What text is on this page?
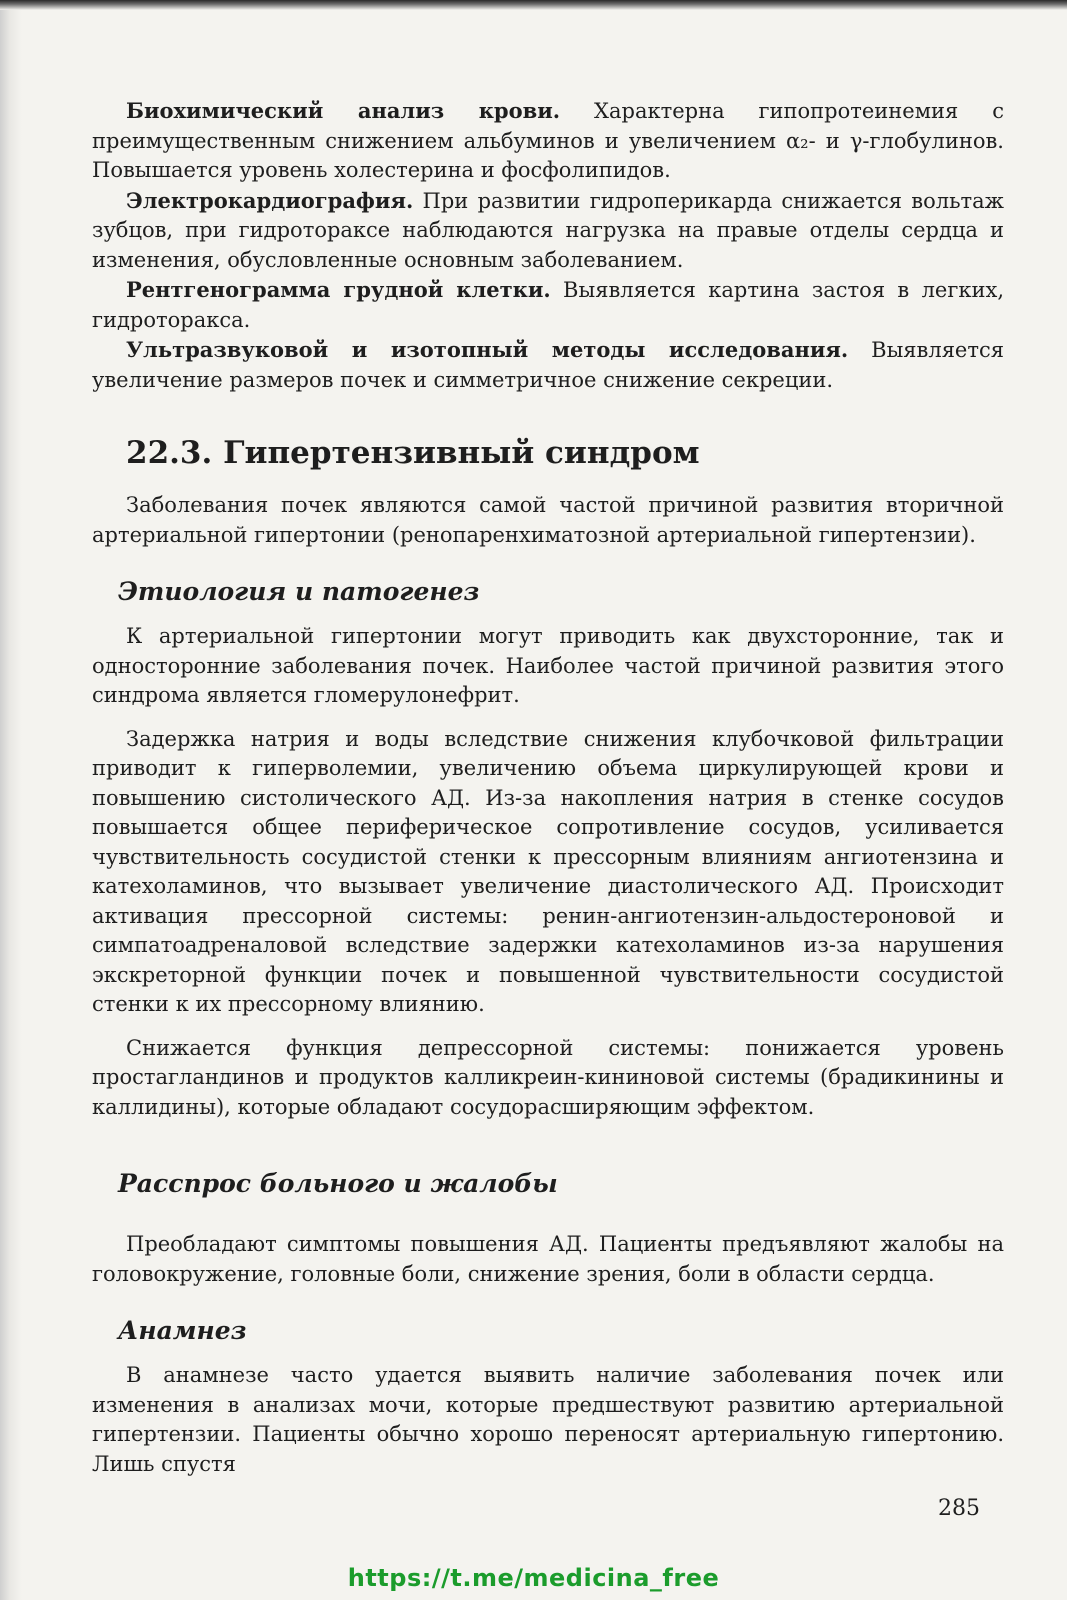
Биохимический анализ крови. Характерна гипопротеинемия с преимущественным снижением альбуминов и увеличением α₂- и γ-глобулинов. Повышается уровень холестерина и фосфолипидов.

Электрокардиография. При развитии гидроперикарда снижается вольтаж зубцов, при гидротораксе наблюдаются нагрузка на правые отделы сердца и изменения, обусловленные основным заболеванием.

Рентгенограмма грудной клетки. Выявляется картина застоя в легких, гидроторакса.

Ультразвуковой и изотопный методы исследования. Выявляется увеличение размеров почек и симметричное снижение секреции.

22.3. Гипертензивный синдром

Заболевания почек являются самой частой причиной развития вторичной артериальной гипертонии (ренопаренхиматозной артериальной гипертензии).

Этиология и патогенез

К артериальной гипертонии могут приводить как двухсторонние, так и односторонние заболевания почек. Наиболее частой причиной развития этого синдрома является гломерулонефрит.

Задержка натрия и воды вследствие снижения клубочковой фильтрации приводит к гиперволемии, увеличению объема циркулирующей крови и повышению систолического АД. Из-за накопления натрия в стенке сосудов повышается общее периферическое сопротивление сосудов, усиливается чувствительность сосудистой стенки к прессорным влияниям ангиотензина и катехоламинов, что вызывает увеличение диастолического АД. Происходит активация прессорной системы: ренин-ангиотензин-альдостероновой и симпатоадреналовой вследствие задержки катехоламинов из-за нарушения экскреторной функции почек и повышенной чувствительности сосудистой стенки к их прессорному влиянию.

Снижается функция депрессорной системы: понижается уровень простагландинов и продуктов калликреин-кининовой системы (брадикинины и каллидины), которые обладают сосудорасширяющим эффектом.

Расспрос больного и жалобы

Преобладают симптомы повышения АД. Пациенты предъявляют жалобы на головокружение, головные боли, снижение зрения, боли в области сердца.

Анамнез

В анамнезе часто удается выявить наличие заболевания почек или изменения в анализах мочи, которые предшествуют развитию артериальной гипертензии. Пациенты обычно хорошо переносят артериальную гипертонию. Лишь спустя

285
https://t.me/medicina_free
